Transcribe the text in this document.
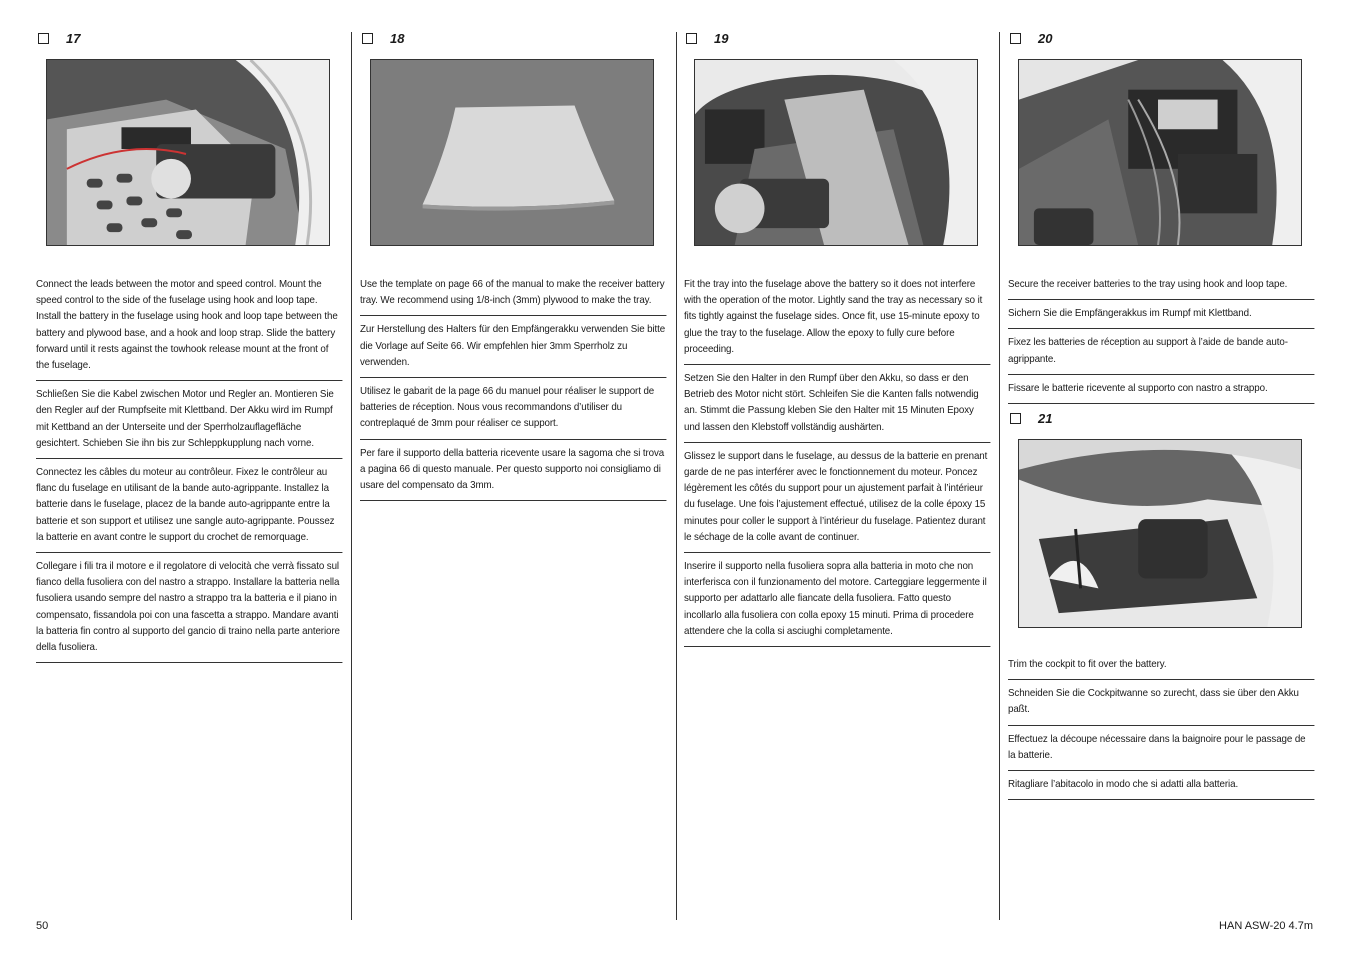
17
Connect the leads between the motor and speed control. Mount the speed control to the side of the fuselage using hook and loop tape. Install the battery in the fuselage using hook and loop tape between the battery and plywood base, and a hook and loop strap. Slide the battery forward until it rests against the towhook release mount at the front of the fuselage.
Schließen Sie die Kabel zwischen Motor und Regler an. Montieren Sie den Regler auf der Rumpfseite mit Klettband. Der Akku wird im Rumpf mit Kettband an der Unterseite und der Sperrholzauflagefläche gesichtert. Schieben Sie ihn bis zur Schleppkupplung nach vorne.
Connectez les câbles du moteur au contrôleur. Fixez le contrôleur au flanc du fuselage en utilisant de la bande auto-agrippante. Installez la batterie dans le fuselage, placez de la bande auto-agrippante entre la batterie et son support et utilisez une sangle auto-agrippante. Poussez la batterie en avant contre le support du crochet de remorquage.
Collegare i fili tra il motore e il regolatore di velocità che verrà fissato sul fianco della fusoliera con del nastro a strappo. Installare la batteria nella fusoliera usando sempre del nastro a strappo tra la batteria e il piano in compensato, fissandola poi con una fascetta a strappo. Mandare avanti la batteria fin contro al supporto del gancio di traino nella parte anteriore della fusoliera.
18
Use the template on page 66 of the manual to make the receiver battery tray. We recommend using 1/8-inch (3mm) plywood to make the tray.
Zur Herstellung des Halters für den Empfängerakku verwenden Sie bitte die Vorlage auf Seite 66. Wir empfehlen hier 3mm Sperrholz zu verwenden.
Utilisez le gabarit de la page 66 du manuel pour réaliser le support de batteries de réception. Nous vous recommandons d’utiliser du contreplaqué de 3mm pour réaliser ce support.
Per fare il supporto della batteria ricevente usare la sagoma che si trova a pagina 66 di questo manuale. Per questo supporto noi consigliamo di usare del compensato da 3mm.
19
Fit the tray into the fuselage above the battery so it does not interfere with the operation of the motor. Lightly sand the tray as necessary so it fits tightly against the fuselage sides. Once fit, use 15-minute epoxy to glue the tray to the fuselage. Allow the epoxy to fully cure before proceeding.
Setzen Sie den Halter in den Rumpf über den Akku, so dass er den Betrieb des Motor nicht stört. Schleifen Sie die Kanten falls notwendig an. Stimmt die Passung kleben Sie den Halter mit 15 Minuten Epoxy und lassen den Klebstoff vollständig aushärten.
Glissez le support dans le fuselage, au dessus de la batterie en prenant garde de ne pas interférer avec le fonctionnement du moteur. Poncez légèrement les côtés du support pour un ajustement parfait à l’intérieur du fuselage. Une fois l’ajustement effectué, utilisez de la colle époxy 15 minutes pour coller le support à l’intérieur du fuselage. Patientez durant le séchage de la colle avant de continuer.
Inserire il supporto nella fusoliera sopra alla batteria in moto che non interferisca con il funzionamento del motore. Carteggiare leggermente il supporto per adattarlo alle fiancate della fusoliera. Fatto questo incollarlo alla fusoliera con colla epoxy 15 minuti. Prima di procedere attendere che la colla si asciughi completamente.
20
Secure the receiver batteries to the tray using hook and loop tape.
Sichern Sie die Empfängerakkus im Rumpf mit Klettband.
Fixez les batteries de réception au support à l’aide de bande auto-agrippante.
Fissare le batterie ricevente al supporto con nastro a strappo.
21
Trim the cockpit to fit over the battery.
Schneiden Sie die Cockpitwanne so zurecht, dass sie über den Akku paßt.
Effectuez la découpe nécessaire dans la baignoire pour le passage de la batterie.
Ritagliare l’abitacolo in modo che si adatti alla batteria.
50	HAN ASW-20 4.7m
